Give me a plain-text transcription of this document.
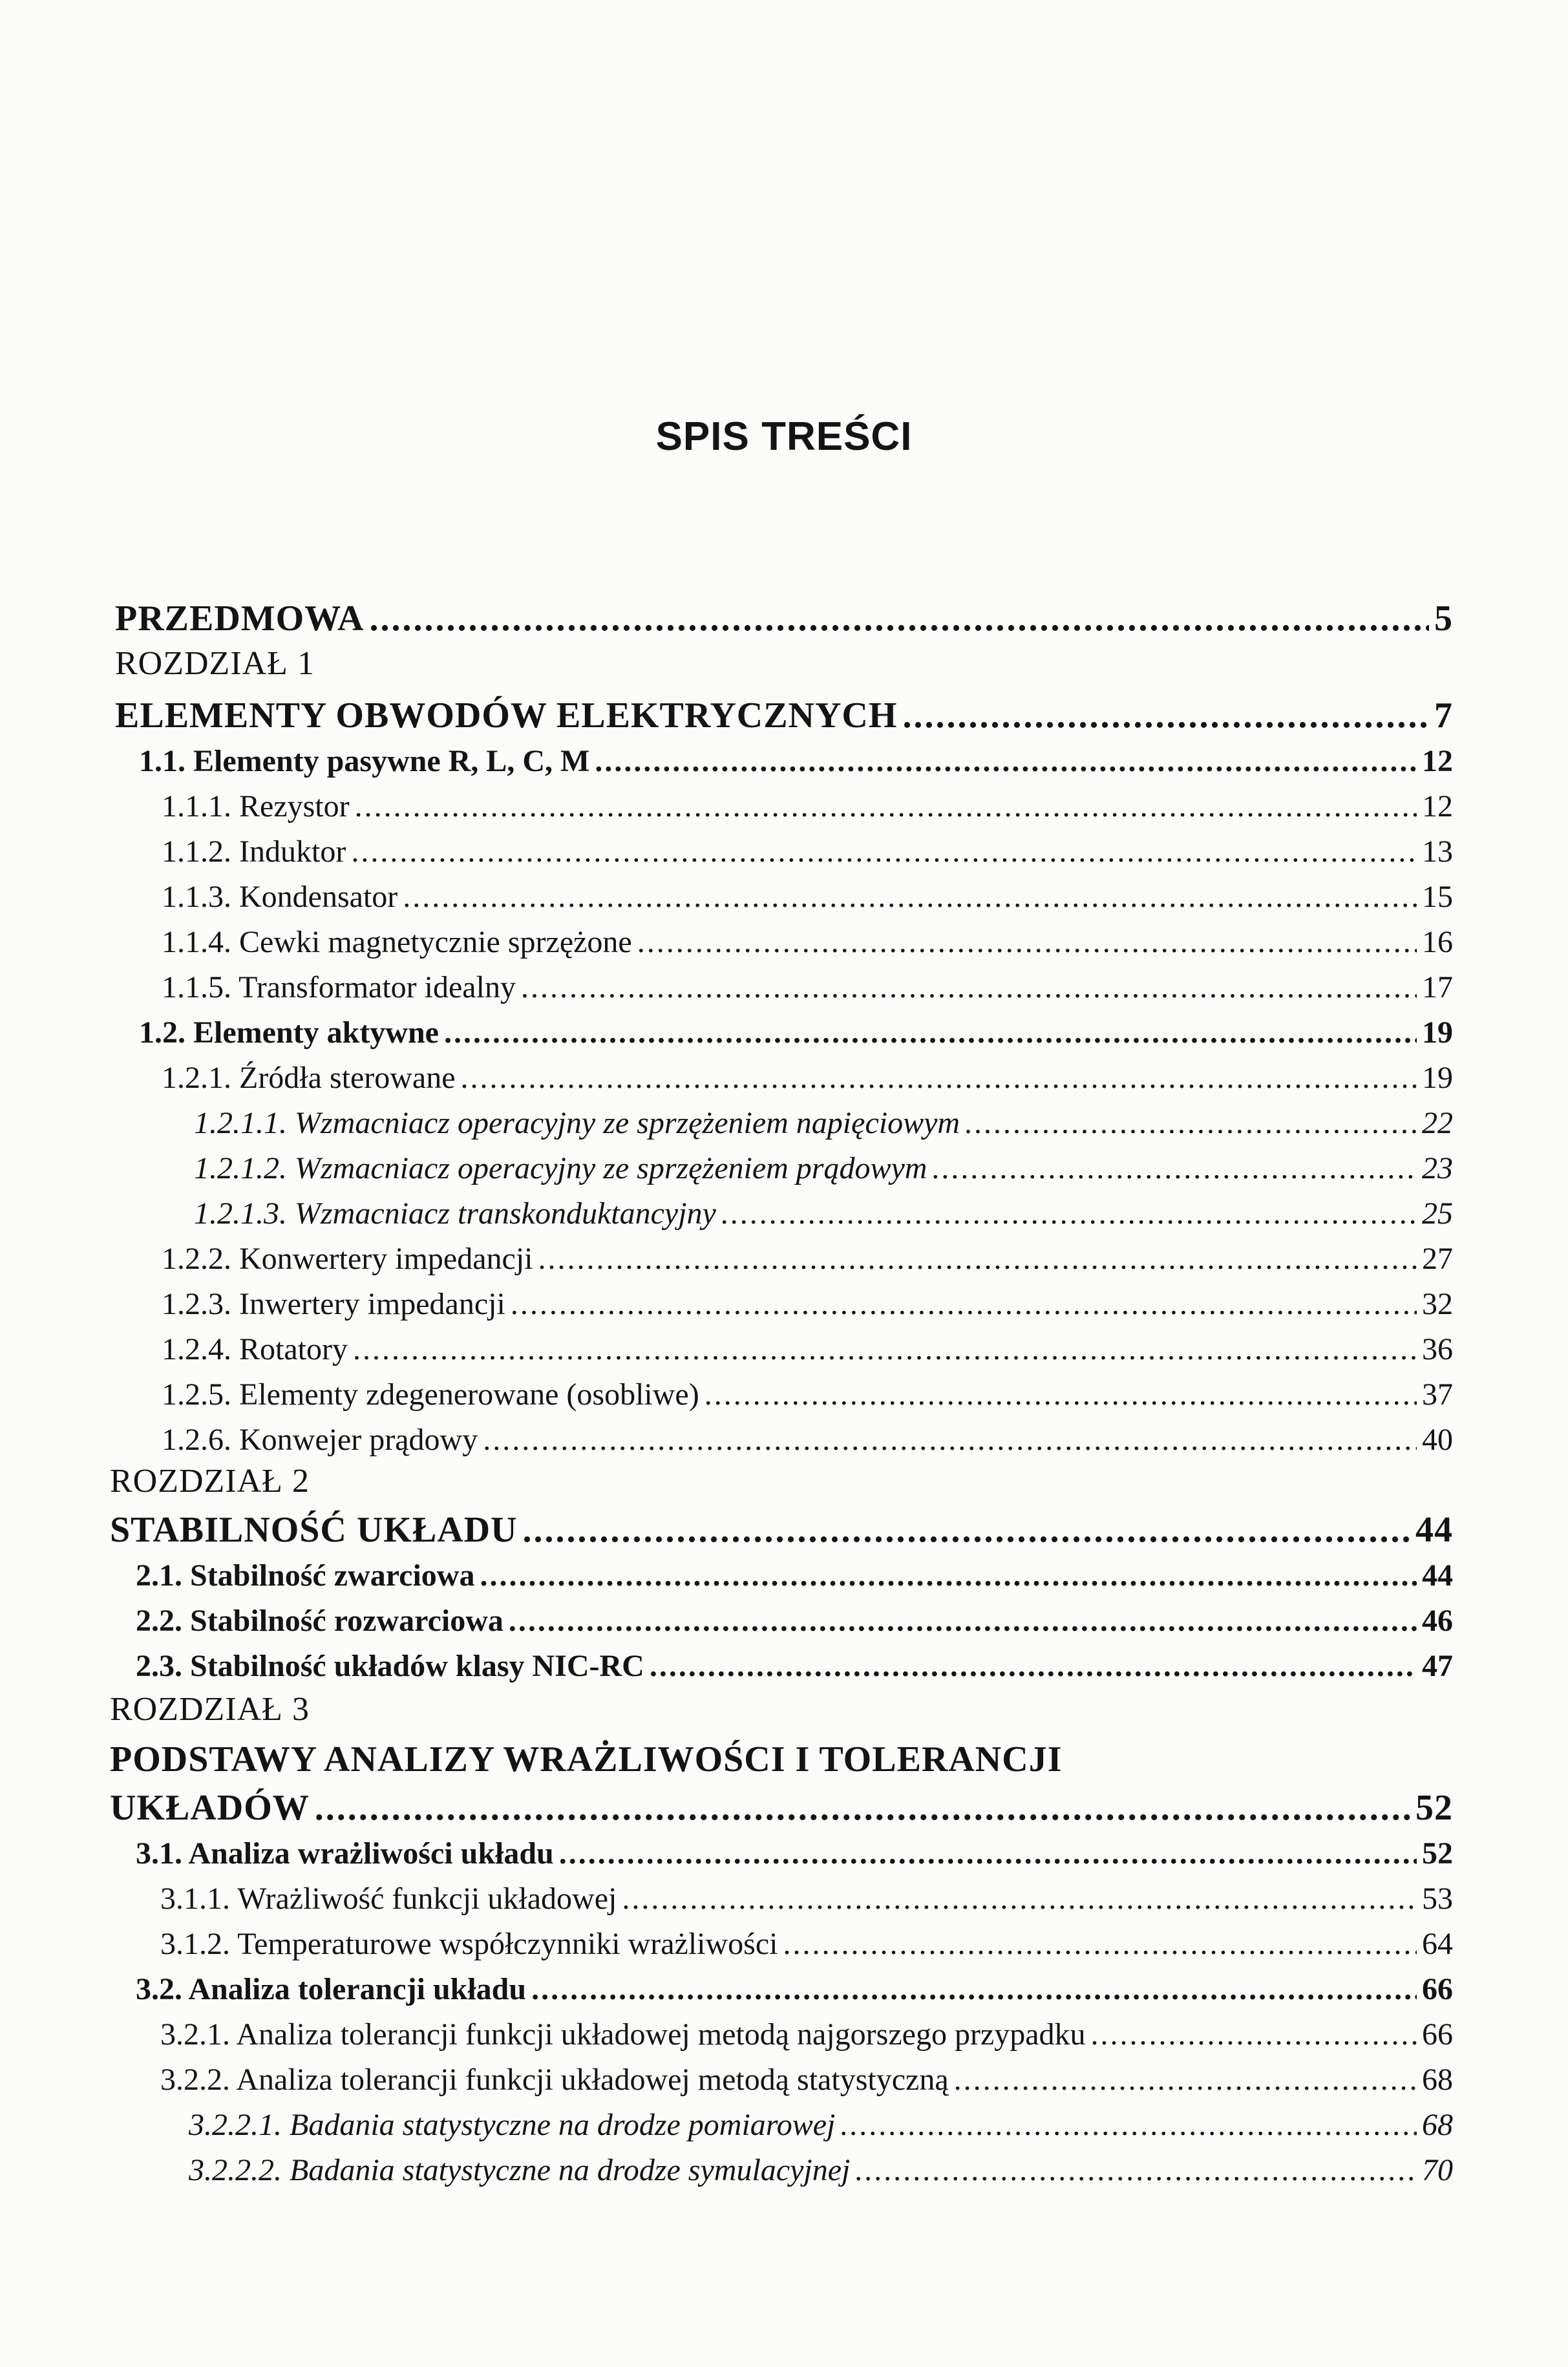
SPIS TREŚCI
PRZEDMOWA .....	5
ROZDZIAŁ 1
ELEMENTY OBWODÓW ELEKTRYCZNYCH .....	7
1.1. Elementy pasywne R, L, C, M .....	12
1.1.1. Rezystor .....	12
1.1.2. Induktor .....	13
1.1.3. Kondensator .....	15
1.1.4. Cewki magnetycznie sprzężone .....	16
1.1.5. Transformator idealny .....	17
1.2. Elementy aktywne .....	19
1.2.1. Źródła sterowane .....	19
1.2.1.1. Wzmacniacz operacyjny ze sprzężeniem napięciowym .....	22
1.2.1.2. Wzmacniacz operacyjny ze sprzężeniem prądowym .....	23
1.2.1.3. Wzmacniacz transkonduktancyjny .....	25
1.2.2. Konwertery impedancji .....	27
1.2.3. Inwertery impedancji .....	32
1.2.4. Rotatory .....	36
1.2.5. Elementy zdegenerowane (osobliwe) .....	37
1.2.6. Konwejer prądowy .....	40
ROZDZIAŁ 2
STABILNOŚĆ UKŁADU .....	44
2.1. Stabilność zwarciowa .....	44
2.2. Stabilność rozwarciowa .....	46
2.3. Stabilność układów klasy NIC-RC .....	47
ROZDZIAŁ 3
PODSTAWY ANALIZY WRAŻLIWOŚCI I TOLERANCJI
UKŁADÓW .....	52
3.1. Analiza wrażliwości układu .....	52
3.1.1. Wrażliwość funkcji układowej .....	53
3.1.2. Temperaturowe współczynniki wrażliwości .....	64
3.2. Analiza tolerancji układu .....	66
3.2.1. Analiza tolerancji funkcji układowej metodą najgorszego przypadku .....	66
3.2.2. Analiza tolerancji funkcji układowej metodą statystyczną .....	68
3.2.2.1. Badania statystyczne na drodze pomiarowej .....	68
3.2.2.2. Badania statystyczne na drodze symulacyjnej .....	70
